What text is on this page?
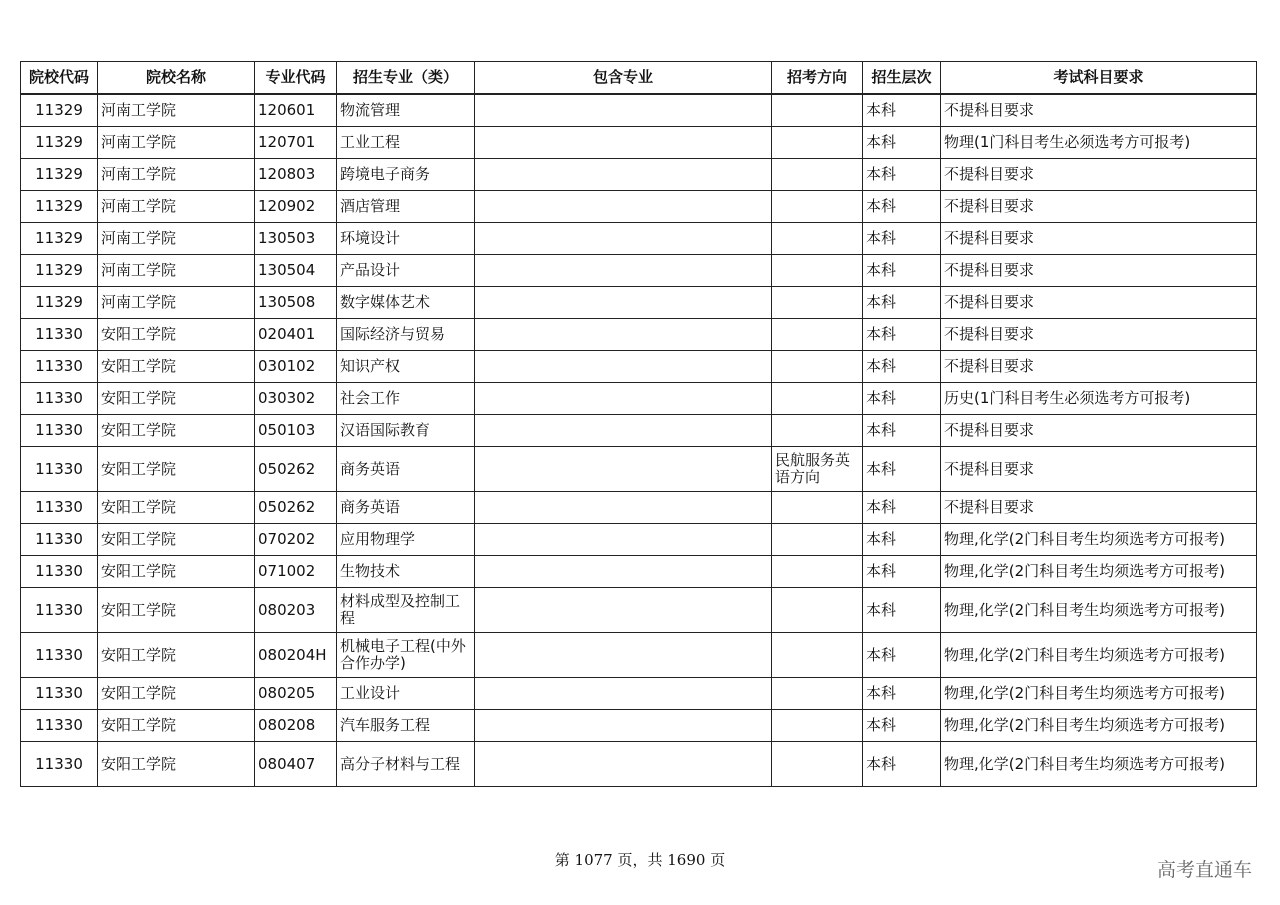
院校代码	院校名称	专业代码	招生专业（类）	包含专业	招考方向	招生层次	考试科目要求
11329	河南工学院	120601	物流管理			本科	不提科目要求
11329	河南工学院	120701	工业工程			本科	物理(1门科目考生必须选考方可报考)
11329	河南工学院	120803	跨境电子商务			本科	不提科目要求
11329	河南工学院	120902	酒店管理			本科	不提科目要求
11329	河南工学院	130503	环境设计			本科	不提科目要求
11329	河南工学院	130504	产品设计			本科	不提科目要求
11329	河南工学院	130508	数字媒体艺术			本科	不提科目要求
11330	安阳工学院	020401	国际经济与贸易			本科	不提科目要求
11330	安阳工学院	030102	知识产权			本科	不提科目要求
11330	安阳工学院	030302	社会工作			本科	历史(1门科目考生必须选考方可报考)
11330	安阳工学院	050103	汉语国际教育			本科	不提科目要求
11330	安阳工学院	050262	商务英语		民航服务英语方向	本科	不提科目要求
11330	安阳工学院	050262	商务英语			本科	不提科目要求
11330	安阳工学院	070202	应用物理学			本科	物理,化学(2门科目考生均须选考方可报考)
11330	安阳工学院	071002	生物技术			本科	物理,化学(2门科目考生均须选考方可报考)
11330	安阳工学院	080203	材料成型及控制工程			本科	物理,化学(2门科目考生均须选考方可报考)
11330	安阳工学院	080204H	机械电子工程(中外合作办学)			本科	物理,化学(2门科目考生均须选考方可报考)
11330	安阳工学院	080205	工业设计			本科	物理,化学(2门科目考生均须选考方可报考)
11330	安阳工学院	080208	汽车服务工程			本科	物理,化学(2门科目考生均须选考方可报考)
11330	安阳工学院	080407	高分子材料与工程			本科	物理,化学(2门科目考生均须选考方可报考)
第 1077 页，共 1690 页	高考直通车
